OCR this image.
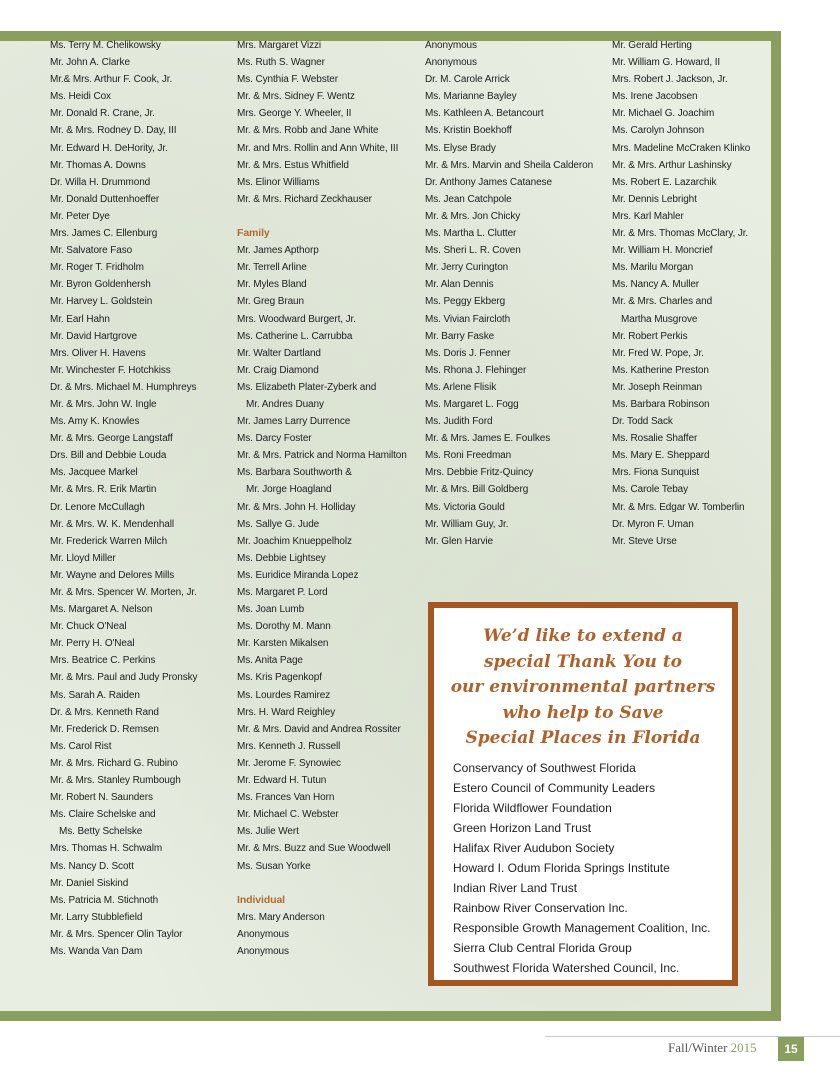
Ms. Terry M. Chelikowsky
Mr. John A. Clarke
Mr.& Mrs. Arthur F. Cook, Jr.
Ms. Heidi Cox
Mr. Donald R. Crane, Jr.
Mr. & Mrs. Rodney D. Day, III
Mr. Edward H. DeHority, Jr.
Mr. Thomas A. Downs
Dr. Willa H. Drummond
Mr. Donald Duttenhoeffer
Mr. Peter Dye
Mrs. James C. Ellenburg
Mr. Salvatore Faso
Mr. Roger T. Fridholm
Mr. Byron Goldenhersh
Mr. Harvey L. Goldstein
Mr. Earl Hahn
Mr. David Hartgrove
Mrs. Oliver H. Havens
Mr. Winchester F. Hotchkiss
Dr. & Mrs. Michael M. Humphreys
Mr. & Mrs. John W. Ingle
Ms. Amy K. Knowles
Mr. & Mrs. George Langstaff
Drs. Bill and Debbie Louda
Ms. Jacquee Markel
Mr. & Mrs. R. Erik Martin
Dr. Lenore McCullagh
Mr. & Mrs. W. K. Mendenhall
Mr. Frederick Warren Milch
Mr. Lloyd Miller
Mr. Wayne and Delores Mills
Mr. & Mrs. Spencer W. Morten, Jr.
Ms. Margaret A. Nelson
Mr. Chuck O'Neal
Mr. Perry H. O'Neal
Mrs. Beatrice C. Perkins
Mr. & Mrs. Paul and Judy Pronsky
Ms. Sarah A. Raiden
Dr. & Mrs. Kenneth Rand
Mr. Frederick D. Remsen
Ms. Carol Rist
Mr. & Mrs. Richard G. Rubino
Mr. & Mrs. Stanley Rumbough
Mr. Robert N. Saunders
Ms. Claire Schelske and
Ms. Betty Schelske
Mrs. Thomas H. Schwalm
Ms. Nancy D. Scott
Mr. Daniel Siskind
Ms. Patricia M. Stichnoth
Mr. Larry Stubblefield
Mr. & Mrs. Spencer Olin Taylor
Ms. Wanda Van Dam
Mrs. Margaret Vizzi
Ms. Ruth S. Wagner
Ms. Cynthia F. Webster
Mr. & Mrs. Sidney F. Wentz
Mrs. George Y. Wheeler, II
Mr. & Mrs. Robb and Jane White
Mr. and Mrs. Rollin and Ann White, III
Mr. & Mrs. Estus Whitfield
Ms. Elinor Williams
Mr. & Mrs. Richard Zeckhauser
Family
Mr. James Apthorp
Mr. Terrell Arline
Mr. Myles Bland
Mr. Greg Braun
Mrs. Woodward Burgert, Jr.
Ms. Catherine L. Carrubba
Mr. Walter Dartland
Mr. Craig Diamond
Ms. Elizabeth Plater-Zyberk and
Mr. Andres Duany
Mr. James Larry Durrence
Ms. Darcy Foster
Mr. & Mrs. Patrick and Norma Hamilton
Ms. Barbara Southworth &
Mr. Jorge Hoagland
Mr. & Mrs. John H. Holliday
Ms. Sallye G. Jude
Mr. Joachim Knueppelholz
Ms. Debbie Lightsey
Ms. Euridice Miranda Lopez
Ms. Margaret P. Lord
Ms. Joan Lumb
Ms. Dorothy M. Mann
Mr. Karsten Mikalsen
Ms. Anita Page
Ms. Kris Pagenkopf
Ms. Lourdes Ramirez
Mrs. H. Ward Reighley
Mr. & Mrs. David and Andrea Rossiter
Mrs. Kenneth J. Russell
Mr. Jerome F. Synowiec
Mr. Edward H. Tutun
Ms. Frances Van Horn
Mr. Michael C. Webster
Ms. Julie Wert
Mr. & Mrs. Buzz and Sue Woodwell
Ms. Susan Yorke
Individual
Mrs. Mary Anderson
Anonymous
Anonymous
Anonymous
Anonymous
Dr. M. Carole Arrick
Ms. Marianne Bayley
Ms. Kathleen A. Betancourt
Ms. Kristin Boekhoff
Ms. Elyse Brady
Mr. & Mrs. Marvin and Sheila Calderon
Dr. Anthony James Catanese
Ms. Jean Catchpole
Mr. & Mrs. Jon Chicky
Ms. Martha L. Clutter
Ms. Sheri L. R. Coven
Mr. Jerry Curington
Mr. Alan Dennis
Ms. Peggy Ekberg
Ms. Vivian Faircloth
Mr. Barry Faske
Ms. Doris J. Fenner
Ms. Rhona J. Flehinger
Ms. Arlene Flisik
Ms. Margaret L. Fogg
Ms. Judith Ford
Mr. & Mrs. James E. Foulkes
Ms. Roni Freedman
Mrs. Debbie Fritz-Quincy
Mr. & Mrs. Bill Goldberg
Ms. Victoria Gould
Mr. William Guy, Jr.
Mr. Glen Harvie
Mr. Gerald Herting
Mr. William G. Howard, II
Mrs. Robert J. Jackson, Jr.
Ms. Irene Jacobsen
Mr. Michael G. Joachim
Ms. Carolyn Johnson
Mrs. Madeline McCraken Klinko
Mr. & Mrs. Arthur Lashinsky
Ms. Robert E. Lazarchik
Mr. Dennis Lebright
Mrs. Karl Mahler
Mr. & Mrs. Thomas McClary, Jr.
Mr. William H. Moncrief
Ms. Marilu Morgan
Ms. Nancy A. Muller
Mr. & Mrs. Charles and
Martha Musgrove
Mr. Robert Perkis
Mr. Fred W. Pope, Jr.
Ms. Katherine Preston
Mr. Joseph Reinman
Ms. Barbara Robinson
Dr. Todd Sack
Ms. Rosalie Shaffer
Ms. Mary E. Sheppard
Mrs. Fiona Sunquist
Ms. Carole Tebay
Mr. & Mrs. Edgar W. Tomberlin
Dr. Myron F. Uman
Mr. Steve Urse
We’d like to extend a
special Thank You to
our environmental partners
who help to Save
Special Places in Florida
Conservancy of Southwest Florida
Estero Council of Community Leaders
Florida Wildflower Foundation
Green Horizon Land Trust
Halifax River Audubon Society
Howard I. Odum Florida Springs Institute
Indian River Land Trust
Rainbow River Conservation Inc.
Responsible Growth Management Coalition, Inc.
Sierra Club Central Florida Group
Southwest Florida Watershed Council, Inc.
Fall/Winter 2015	15
